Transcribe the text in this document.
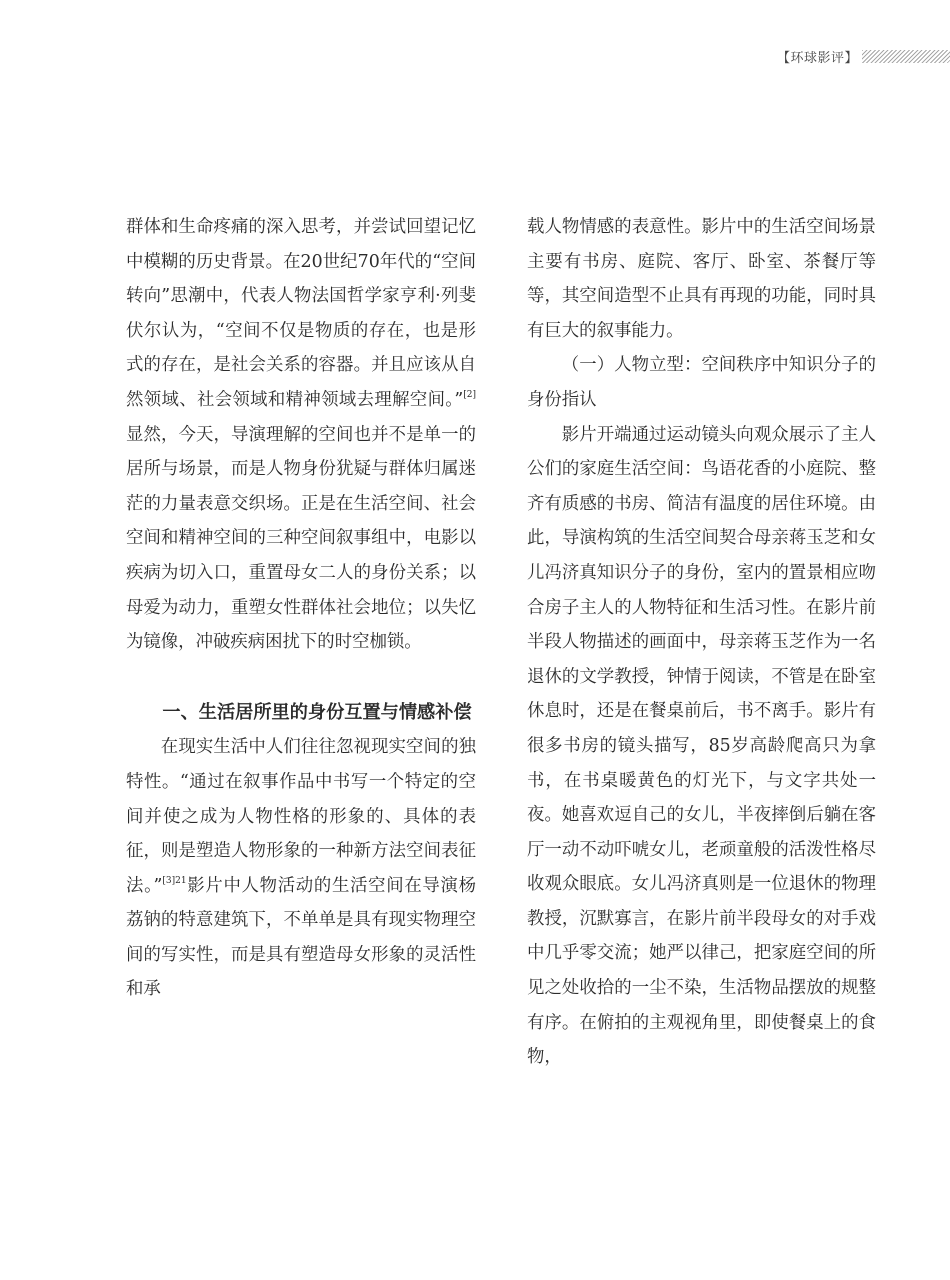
【环球影评】

群体和生命疼痛的深入思考，并尝试回望记忆中模糊的历史背景。在20世纪70年代的“空间转向”思潮中，代表人物法国哲学家亨利·列斐伏尔认为，“空间不仅是物质的存在，也是形式的存在，是社会关系的容器。并且应该从自然领域、社会领域和精神领域去理解空间。”[2]显然，今天，导演理解的空间也并不是单一的居所与场景，而是人物身份犹疑与群体归属迷茫的力量表意交织场。正是在生活空间、社会空间和精神空间的三种空间叙事组中，电影以疾病为切入口，重置母女二人的身份关系；以母爱为动力，重塑女性群体社会地位；以失忆为镜像，冲破疾病困扰下的时空枷锁。

一、生活居所里的身份互置与情感补偿

在现实生活中人们往往忽视现实空间的独特性。“通过在叙事作品中书写一个特定的空间并使之成为人物性格的形象的、具体的表征，则是塑造人物形象的一种新方法空间表征法。”$^{[3]21}$影片中人物活动的生活空间在导演杨荔钠的特意建筑下，不单单是具有现实物理空间的写实性，而是具有塑造母女形象的灵活性和承

载人物情感的表意性。影片中的生活空间场景主要有书房、庭院、客厅、卧室、茶餐厅等等，其空间造型不止具有再现的功能，同时具有巨大的叙事能力。

（一）人物立型：空间秩序中知识分子的身份指认

影片开端通过运动镜头向观众展示了主人公们的家庭生活空间：鸟语花香的小庭院、整齐有质感的书房、简洁有温度的居住环境。由此，导演构筑的生活空间契合母亲蒋玉芝和女儿冯济真知识分子的身份，室内的置景相应吻合房子主人的人物特征和生活习性。在影片前半段人物描述的画面中，母亲蒋玉芝作为一名退休的文学教授，钟情于阅读，不管是在卧室休息时，还是在餐桌前后，书不离手。影片有很多书房的镜头描写，85岁高龄爬高只为拿书，在书桌暖黄色的灯光下，与文字共处一夜。她喜欢逗自己的女儿，半夜摔倒后躺在客厅一动不动吓唬女儿，老顽童般的活泼性格尽收观众眼底。女儿冯济真则是一位退休的物理教授，沉默寡言，在影片前半段母女的对手戏中几乎零交流；她严以律己，把家庭空间的所见之处收拾的一尘不染，生活物品摆放的规整有序。在俯拍的主观视角里，即使餐桌上的食物，
